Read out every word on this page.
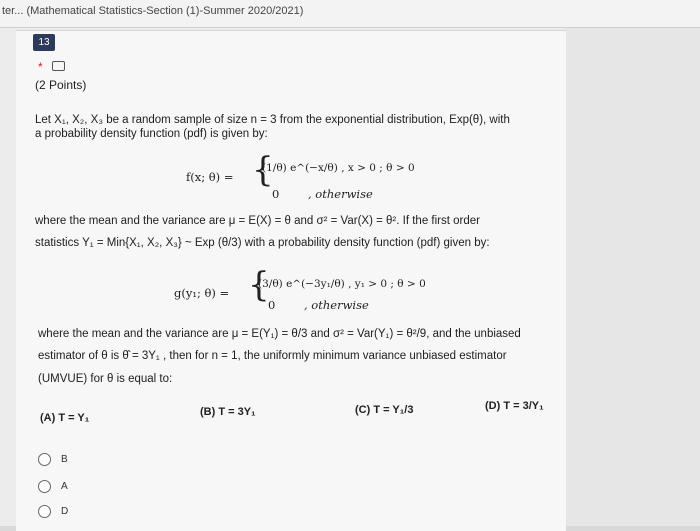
ter... (Mathematical Statistics-Section (1)-Summer 2020/2021)
13
*
(2 Points)
Let X₁, X₂, X₃ be a random sample of size n = 3 from the exponential distribution, Exp(θ), with
a probability density function (pdf) is given by:
f(x; θ) = {
(1/θ) e^(−x/θ) , x > 0 ; θ > 0
0 , otherwise
where the mean and the variance are μ = E(X) = θ and σ² = Var(X) = θ². If the first order
statistics Y₁ = Min{X₁, X₂, X₃} ~ Exp (θ/3) with a probability density function (pdf) given by:
g(y₁; θ) = {
(3/θ) e^(−3y₁/θ) , y₁ > 0 ; θ > 0
0 , otherwise
where the mean and the variance are μ = E(Y₁) = θ/3 and σ² = Var(Y₁) = θ²/9, and the unbiased
estimator of θ is θ̂ = 3Y₁ , then for n = 1, the uniformly minimum variance unbiased estimator
(UMVUE) for θ is equal to:
(A) T = Y₁	(B) T = 3Y₁	(C) T = Y₁/3	(D) T = 3/Y₁
B
A
D
